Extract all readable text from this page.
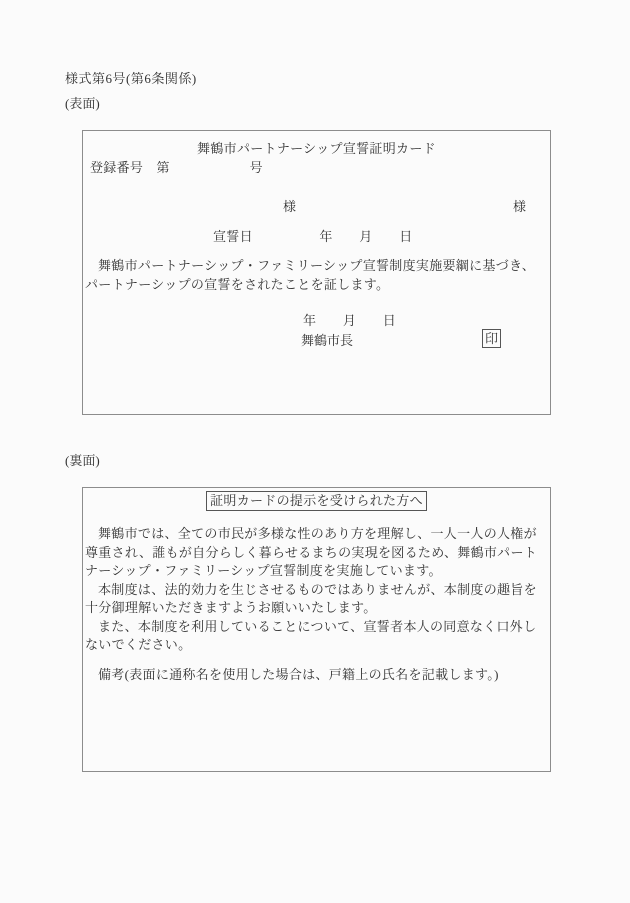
様式第6号(第6条関係)
(表面)
舞鶴市パートナーシップ宣誓証明カード
登録番号　第　　　　　　号
様	様
宣誓日　　　　　年　　月　　日
舞鶴市パートナーシップ・ファミリーシップ宣誓制度実施要綱に基づき、
パートナーシップの宣誓をされたことを証します。
年　　月　　日
舞鶴市長	印
(裏面)
証明カードの提示を受けられた方へ
舞鶴市では、全ての市民が多様な性のあり方を理解し、一人一人の人権が
尊重され、誰もが自分らしく暮らせるまちの実現を図るため、舞鶴市パート
ナーシップ・ファミリーシップ宣誓制度を実施しています。
本制度は、法的効力を生じさせるものではありませんが、本制度の趣旨を
十分御理解いただきますようお願いいたします。
また、本制度を利用していることについて、宣誓者本人の同意なく口外し
ないでください。
備考(表面に通称名を使用した場合は、戸籍上の氏名を記載します。)
